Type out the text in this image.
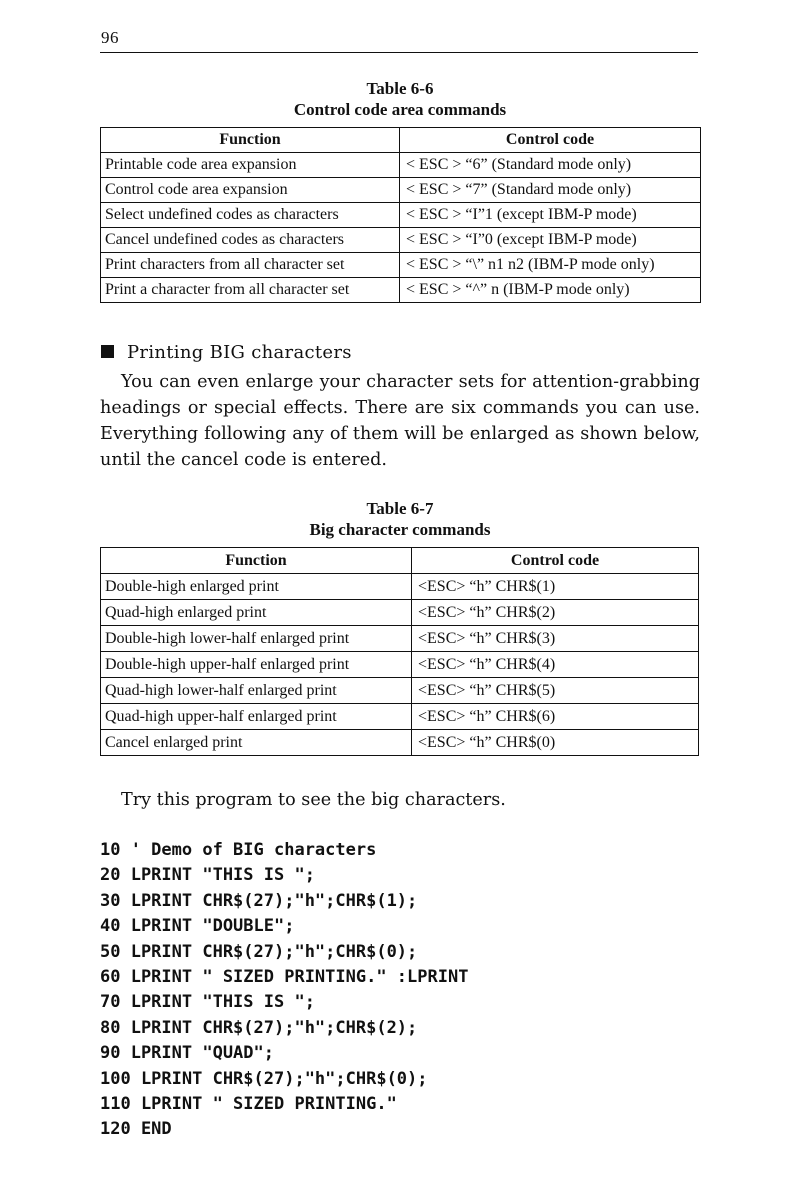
96
Table 6-6
Control code area commands
Function	Control code
Printable code area expansion	< ESC > “6” (Standard mode only)
Control code area expansion	< ESC > “7” (Standard mode only)
Select undefined codes as characters	< ESC > “I”1 (except IBM-P mode)
Cancel undefined codes as characters	< ESC > “I”0 (except IBM-P mode)
Print characters from all character set	< ESC > “\” n1 n2 (IBM-P mode only)
Print a character from all character set	< ESC > “^” n (IBM-P mode only)
Printing BIG characters

You can even enlarge your character sets for attention-grabbing headings or special effects. There are six commands you can use. Everything following any of them will be enlarged as shown below, until the cancel code is entered.

Table 6-7
Big character commands
Function	Control code
Double-high enlarged print	<ESC> “h” CHR$(1)
Quad-high enlarged print	<ESC> “h” CHR$(2)
Double-high lower-half enlarged print	<ESC> “h” CHR$(3)
Double-high upper-half enlarged print	<ESC> “h” CHR$(4)
Quad-high lower-half enlarged print	<ESC> “h” CHR$(5)
Quad-high upper-half enlarged print	<ESC> “h” CHR$(6)
Cancel enlarged print	<ESC> “h” CHR$(0)
Try this program to see the big characters.
10 ' Demo of BIG characters
20 LPRINT "THIS IS ";
30 LPRINT CHR$(27);"h";CHR$(1);
40 LPRINT "DOUBLE";
50 LPRINT CHR$(27);"h";CHR$(0);
60 LPRINT " SIZED PRINTING." :LPRINT
70 LPRINT "THIS IS ";
80 LPRINT CHR$(27);"h";CHR$(2);
90 LPRINT "QUAD";
100 LPRINT CHR$(27);"h";CHR$(0);
110 LPRINT " SIZED PRINTING."
120 END
